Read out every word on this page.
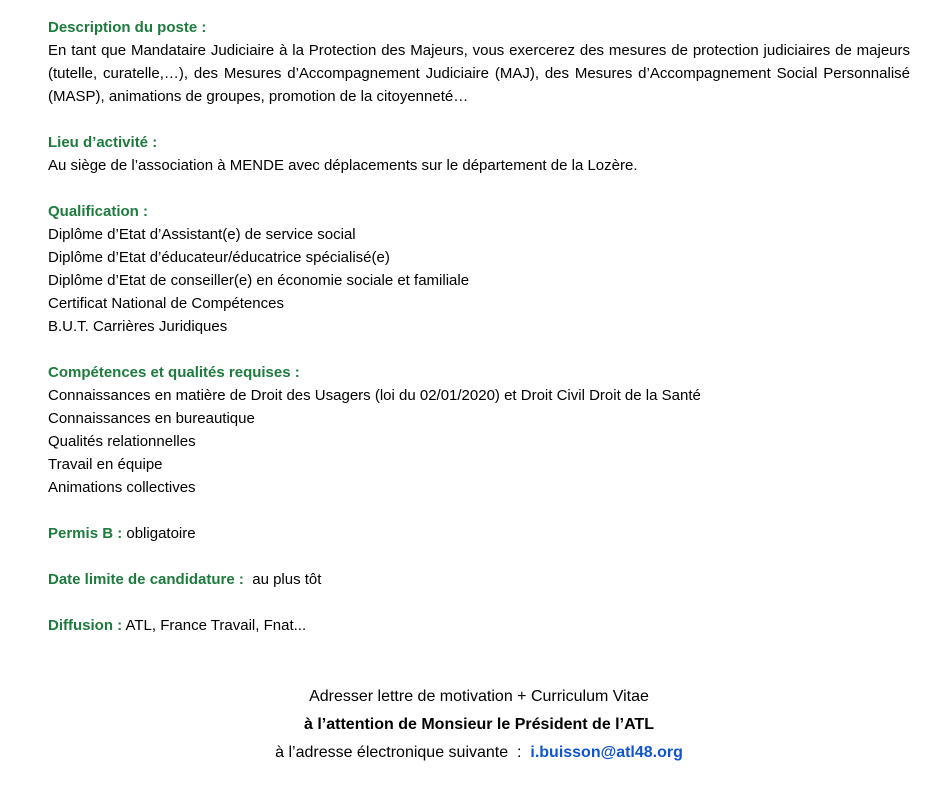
Description du poste :

En tant que Mandataire Judiciaire à la Protection des Majeurs, vous exercerez des mesures de protection judiciaires de majeurs (tutelle, curatelle,…), des Mesures d’Accompagnement Judiciaire (MAJ), des Mesures d’Accompagnement Social Personnalisé (MASP), animations de groupes, promotion de la citoyenneté…

Lieu d’activité :

Au siège de l’association à MENDE avec déplacements sur le département de la Lozère.

Qualification :

Diplôme d’Etat d’Assistant(e) de service social

Diplôme d’Etat d’éducateur/éducatrice spécialisé(e)

Diplôme d’Etat de conseiller(e) en économie sociale et familiale

Certificat National de Compétences

B.U.T. Carrières Juridiques

Compétences et qualités requises :

Connaissances en matière de Droit des Usagers (loi du 02/01/2020) et Droit Civil Droit de la Santé

Connaissances en bureautique

Qualités relationnelles

Travail en équipe

Animations collectives

Permis B : obligatoire
Date limite de candidature :  au plus tôt
Diffusion : ATL, France Travail, Fnat...

Adresser lettre de motivation + Curriculum Vitae

à l’attention de Monsieur le Président de l’ATL

à l’adresse électronique suivante  :  i.buisson@atl48.org
